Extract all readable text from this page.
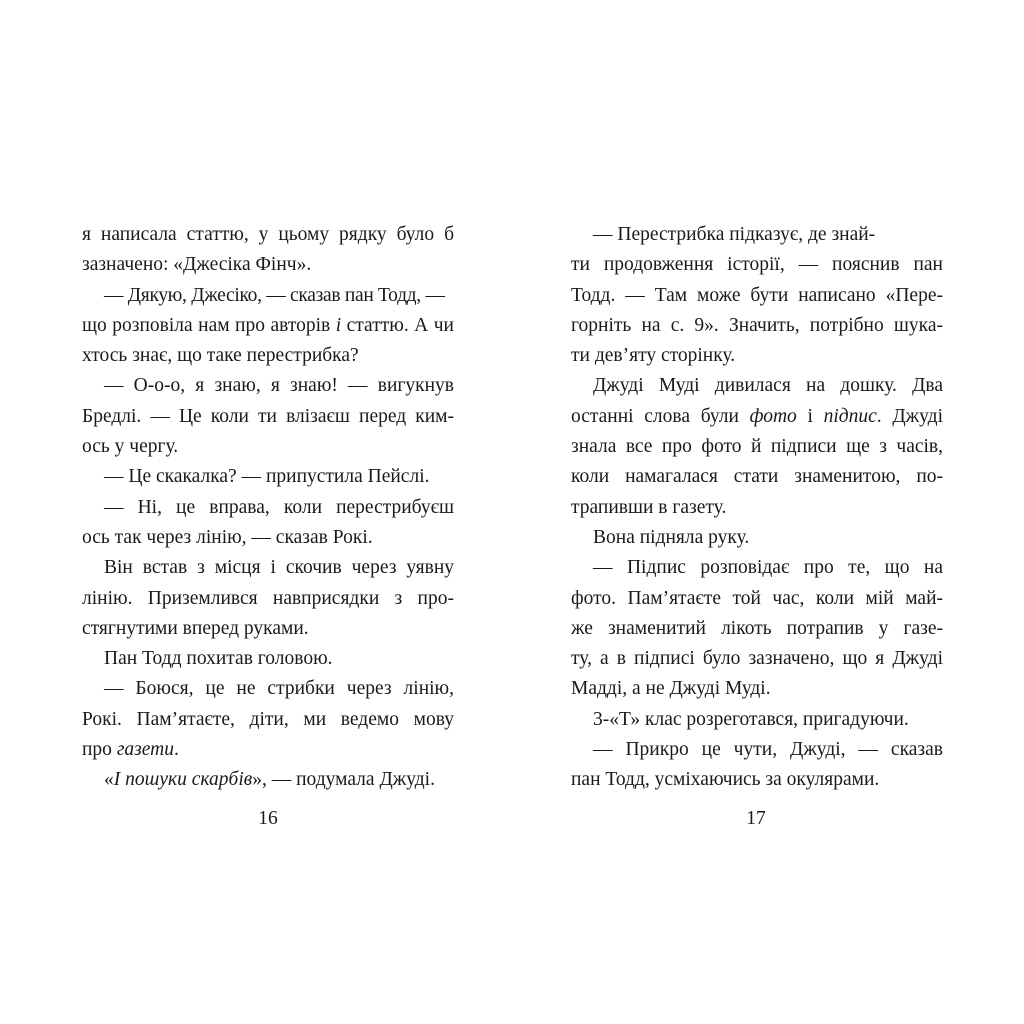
я написала статтю, у цьому рядку було б
зазначено: «Джесіка Фінч».
— Дякую, Джесіко, — сказав пан Тодд, —
що розповіла нам про авторів і статтю. А чи
хтось знає, що таке перестрибка?
— О-о-о, я знаю, я знаю! — вигукнув
Бредлі. — Це коли ти влізаєш перед ким-
ось у чергу.
— Це скакалка? — припустила Пейслі.
— Ні, це вправа, коли перестрибуєш
ось так через лінію, — сказав Рокі.
Він встав з місця і скочив через уявну
лінію. Приземлився навприсядки з про-
стягнутими вперед руками.
Пан Тодд похитав головою.
— Боюся, це не стрибки через лінію,
Рокі. Пам’ятаєте, діти, ми ведемо мову
про газети.
«І пошуки скарбів», — подумала Джуді.
— Перестрибка підказує, де знай-
ти продовження історії, — пояснив пан
Тодд. — Там може бути написано «Пере-
горніть на с. 9». Значить, потрібно шука-
ти дев’яту сторінку.
Джуді Муді дивилася на дошку. Два
останні слова були фото і підпис. Джуді
знала все про фото й підписи ще з часів,
коли намагалася стати знаменитою, по-
трапивши в газету.
Вона підняла руку.
— Підпис розповідає про те, що на
фото. Пам’ятаєте той час, коли мій май-
же знаменитий лікоть потрапив у газе-
ту, а в підписі було зазначено, що я Джуді
Мадді, а не Джуді Муді.
3-«Т» клас розреготався, пригадуючи.
— Прикро це чути, Джуді, — сказав
пан Тодд, усміхаючись за окулярами.
16	17
